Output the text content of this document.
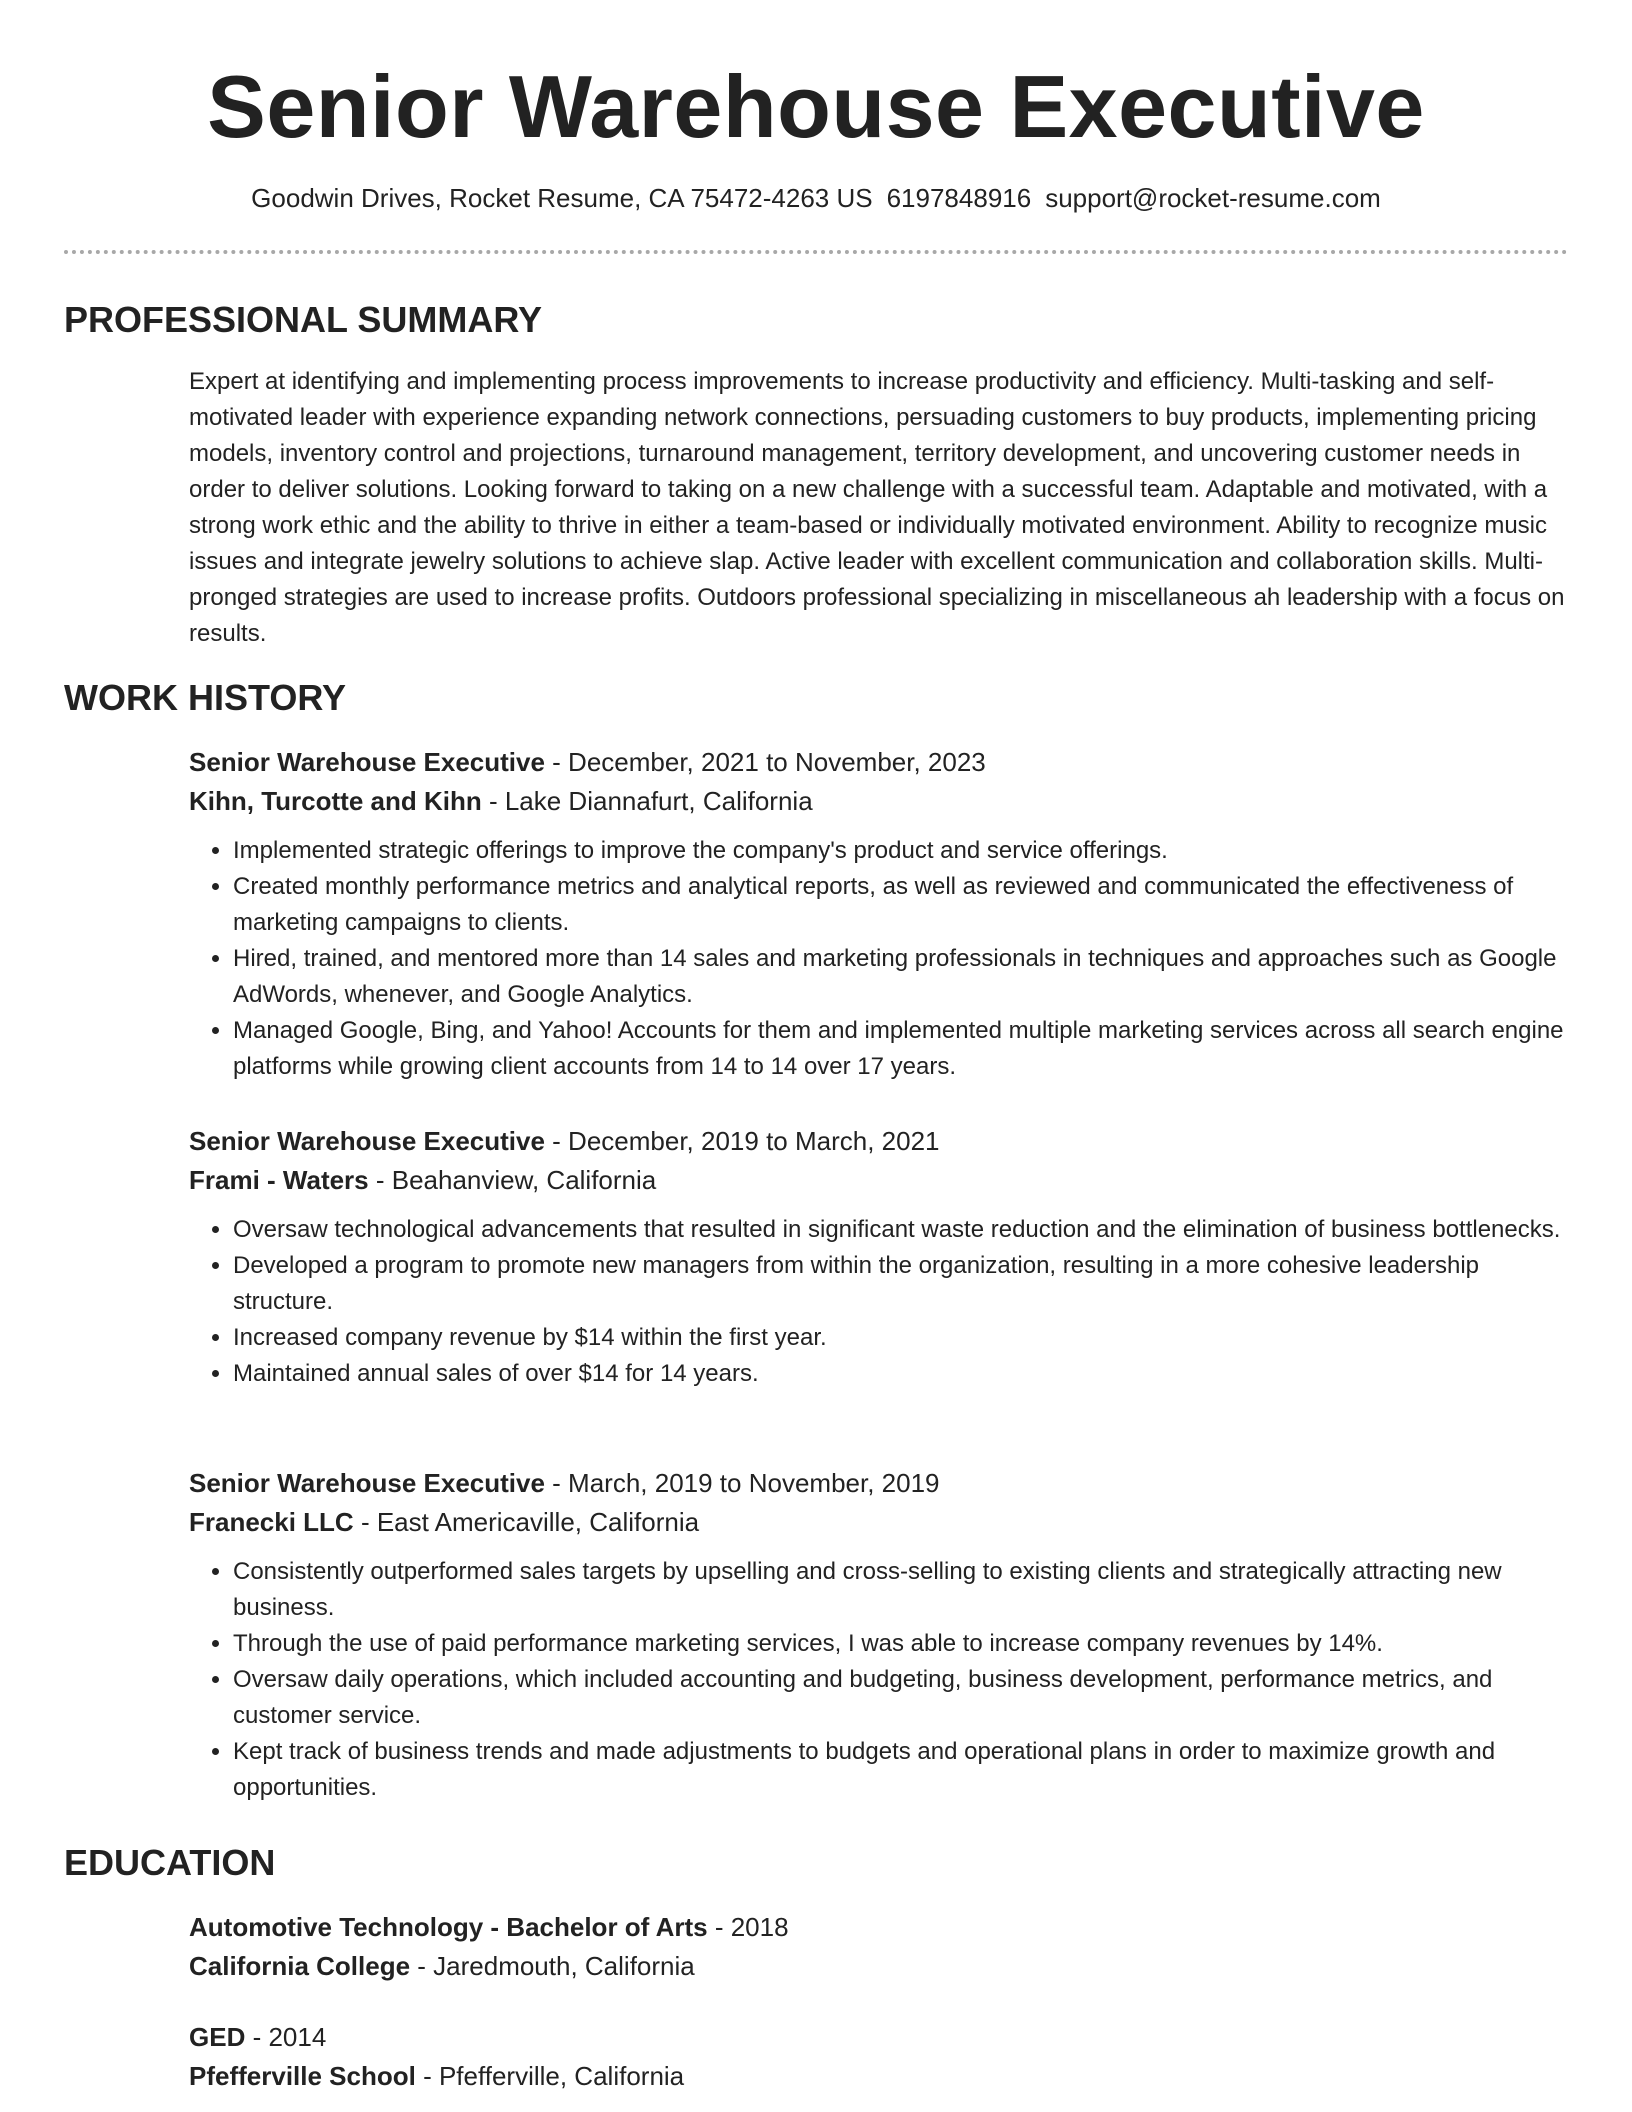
Senior Warehouse Executive
Goodwin Drives, Rocket Resume, CA 75472-4263 US 6197848916 support@rocket-resume.com
PROFESSIONAL SUMMARY
Expert at identifying and implementing process improvements to increase productivity and efficiency. Multi-tasking and self-motivated leader with experience expanding network connections, persuading customers to buy products, implementing pricing models, inventory control and projections, turnaround management, territory development, and uncovering customer needs in order to deliver solutions. Looking forward to taking on a new challenge with a successful team. Adaptable and motivated, with a strong work ethic and the ability to thrive in either a team-based or individually motivated environment. Ability to recognize music issues and integrate jewelry solutions to achieve slap. Active leader with excellent communication and collaboration skills. Multi-pronged strategies are used to increase profits. Outdoors professional specializing in miscellaneous ah leadership with a focus on results.
WORK HISTORY
Senior Warehouse Executive - December, 2021 to November, 2023
Kihn, Turcotte and Kihn - Lake Diannafurt, California
• Implemented strategic offerings to improve the company's product and service offerings.
• Created monthly performance metrics and analytical reports, as well as reviewed and communicated the effectiveness of marketing campaigns to clients.
• Hired, trained, and mentored more than 14 sales and marketing professionals in techniques and approaches such as Google AdWords, whenever, and Google Analytics.
• Managed Google, Bing, and Yahoo! Accounts for them and implemented multiple marketing services across all search engine platforms while growing client accounts from 14 to 14 over 17 years.
Senior Warehouse Executive - December, 2019 to March, 2021
Frami - Waters - Beahanview, California
• Oversaw technological advancements that resulted in significant waste reduction and the elimination of business bottlenecks.
• Developed a program to promote new managers from within the organization, resulting in a more cohesive leadership structure.
• Increased company revenue by $14 within the first year.
• Maintained annual sales of over $14 for 14 years.
Senior Warehouse Executive - March, 2019 to November, 2019
Franecki LLC - East Americaville, California
• Consistently outperformed sales targets by upselling and cross-selling to existing clients and strategically attracting new business.
• Through the use of paid performance marketing services, I was able to increase company revenues by 14%.
• Oversaw daily operations, which included accounting and budgeting, business development, performance metrics, and customer service.
• Kept track of business trends and made adjustments to budgets and operational plans in order to maximize growth and opportunities.
EDUCATION
Automotive Technology - Bachelor of Arts - 2018
California College - Jaredmouth, California
GED - 2014
Pfefferville School - Pfefferville, California
